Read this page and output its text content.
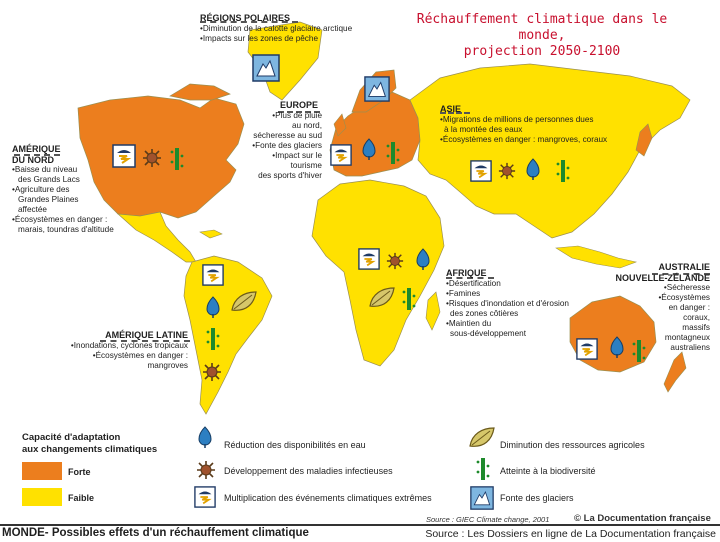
Réchauffement climatique dans le monde,
projection 2050-2100
RÉGIONS POLAIRES
•Diminution de la calotte glaciaire arctique
•Impacts sur les zones de pêche
EUROPE
•Plus de pluie
au nord,
sécheresse au sud
•Fonte des glaciers
•Impact sur le
tourisme
des sports d'hiver
ASIE
•Migrations de millions de personnes dues
à la montée des eaux
•Écosystèmes en danger : mangroves, coraux
AMÉRIQUE
DU NORD
•Baisse du niveau
des Grands Lacs
•Agriculture des
Grandes Plaines
affectée
•Écosystèmes en danger :
marais, toundras d'altitude
AFRIQUE
•Désertification
•Famines
•Risques d'inondation et d'érosion
des zones côtières
•Maintien du
sous-développement
AUSTRALIE
NOUVELLE-ZÉLANDE
•Sécheresse
•Écosystèmes
en danger :
coraux,
massifs
montagneux
australiens
AMÉRIQUE LATINE
•Inondations, cyclones tropicaux
•Écosystèmes en danger :
mangroves
Capacité d'adaptation
aux changements climatiques
Forte
Faible
Réduction des disponibilités en eau
Développement des maladies infectieuses
Multiplication des événements climatiques extrêmes
Diminution des ressources agricoles
Atteinte à la biodiversité
Fonte des glaciers
Source : GIEC Climate change, 2001	© La Documentation française
MONDE- Possibles effets d'un réchauffement climatique	Source : Les Dossiers en ligne de La Documentation française
